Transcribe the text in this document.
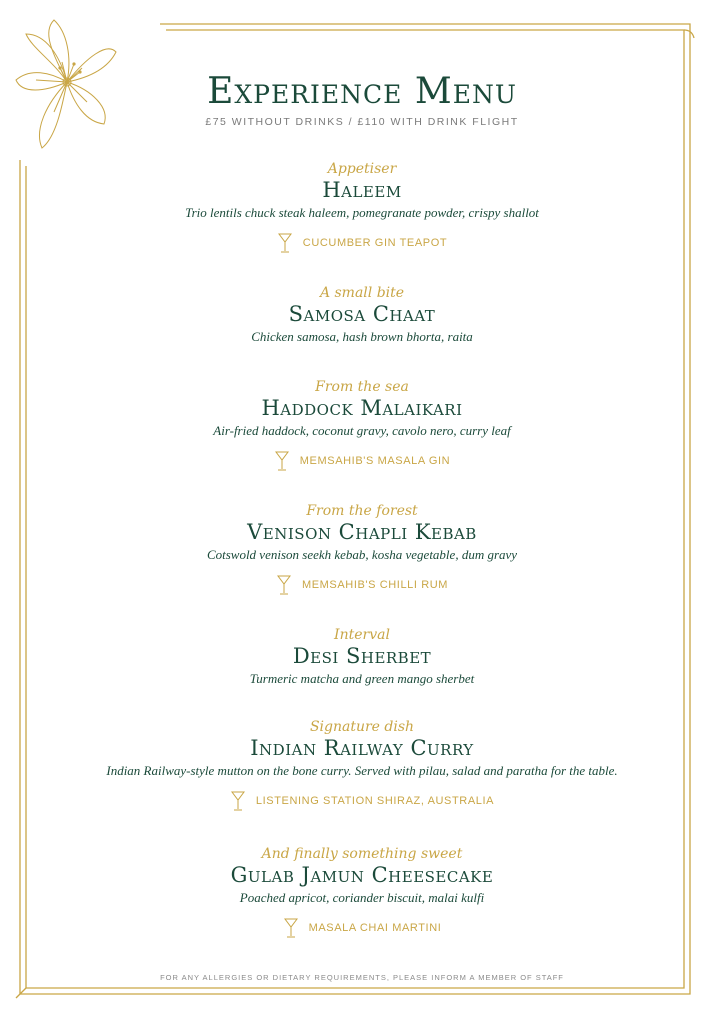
Experience Menu
£75 WITHOUT DRINKS / £110 WITH DRINK FLIGHT
Appetiser
Haleem
Trio lentils chuck steak haleem, pomegranate powder, crispy shallot
CUCUMBER GIN TEAPOT
A small bite
Samosa Chaat
Chicken samosa, hash brown bhorta, raita
From the sea
Haddock Malaikari
Air-fried haddock, coconut gravy, cavolo nero, curry leaf
MEMSAHIB'S MASALA GIN
From the forest
Venison Chapli Kebab
Cotswold venison seekh kebab, kosha vegetable, dum gravy
MEMSAHIB'S CHILLI RUM
Interval
Desi Sherbet
Turmeric matcha and green mango sherbet
Signature dish
Indian Railway Curry
Indian Railway-style mutton on the bone curry. Served with pilau, salad and paratha for the table.
LISTENING STATION SHIRAZ, AUSTRALIA
And finally something sweet
Gulab Jamun Cheesecake
Poached apricot, coriander biscuit, malai kulfi
MASALA CHAI MARTINI
FOR ANY ALLERGIES OR DIETARY REQUIREMENTS, PLEASE INFORM A MEMBER OF STAFF
